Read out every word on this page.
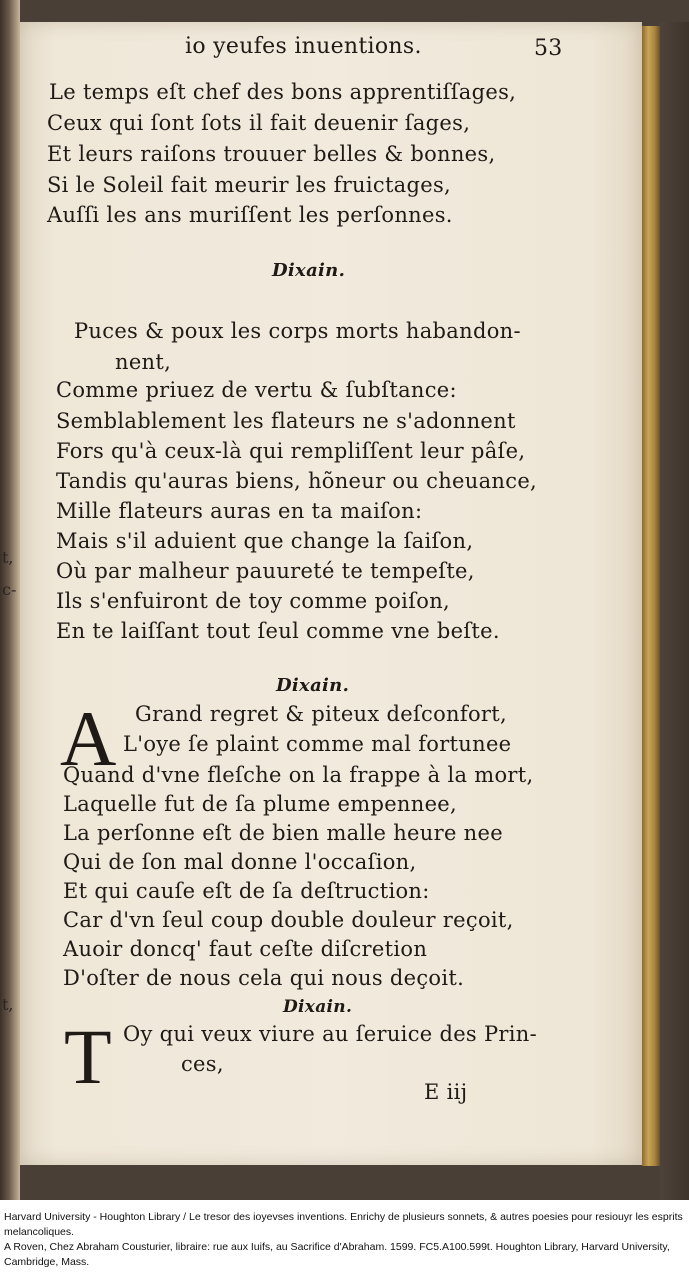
t,
c-
t,
io yeufes inuentions.	53
Le temps eſt chef des bons apprentiſſages,
Ceux qui ſont ſots il fait deuenir ſages,
Et leurs raiſons trouuer belles & bonnes,
Si le Soleil fait meurir les fruictages,
Auſſi les ans muriſſent les perſonnes.
Dixain.
Puces & poux les corps morts habandon-
nent,
Comme priuez de vertu & ſubſtance:
Semblablement les flateurs ne s'adonnent
Fors qu'à ceux-là qui rempliſſent leur pâſe,
Tandis qu'auras biens, hõneur ou cheuance,
Mille flateurs auras en ta maiſon:
Mais s'il aduient que change la ſaiſon,
Où par malheur pauureté te tempeſte,
Ils s'enfuiront de toy comme poiſon,
En te laiſſant tout ſeul comme vne beſte.
Dixain.
A Grand regret & piteux deſconfort,
L'oye ſe plaint comme mal fortunee
Quand d'vne fleſche on la frappe à la mort,
Laquelle fut de ſa plume empennee,
La perſonne eſt de bien malle heure nee
Qui de ſon mal donne l'occaſion,
Et qui cauſe eſt de ſa deſtruction:
Car d'vn ſeul coup double douleur reçoit,
Auoir doncq' faut ceſte diſcretion
D'oſter de nous cela qui nous deçoit.
Dixain.
T Oy qui veux viure au ſeruice des Prin-
ces,
E iij
Harvard University - Houghton Library / Le tresor des ioyevses inventions. Enrichy de plusieurs sonnets, & autres poesies pour resiouyr les esprits melancoliques.
A Roven, Chez Abraham Cousturier, libraire: rue aux Iuifs, au Sacrifice d'Abraham. 1599. FC5.A100.599t. Houghton Library, Harvard University, Cambridge, Mass.
